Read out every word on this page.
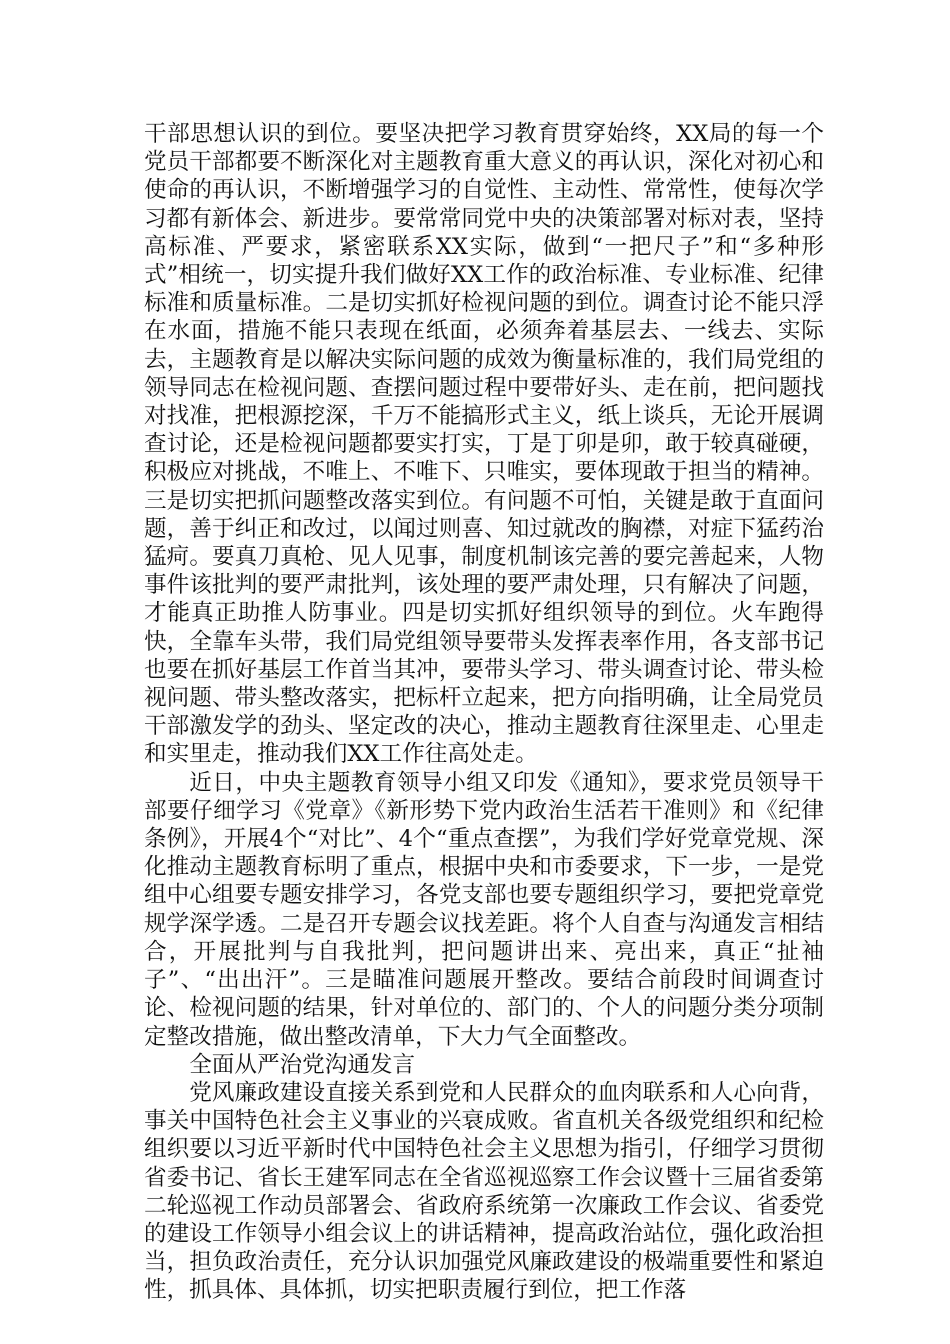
干部思想认识的到位。要坚决把学习教育贯穿始终，XX局的每一个党员干部都要不断深化对主题教育重大意义的再认识，深化对初心和使命的再认识，不断增强学习的自觉性、主动性、常常性，使每次学习都有新体会、新进步。要常常同党中央的决策部署对标对表，坚持高标准、严要求，紧密联系XX实际，做到“一把尺子”和“多种形式”相统一，切实提升我们做好XX工作的政治标准、专业标准、纪律标准和质量标准。二是切实抓好检视问题的到位。调查讨论不能只浮在水面，措施不能只表现在纸面，必须奔着基层去、一线去、实际去，主题教育是以解决实际问题的成效为衡量标准的，我们局党组的领导同志在检视问题、查摆问题过程中要带好头、走在前，把问题找对找准，把根源挖深，千万不能搞形式主义，纸上谈兵，无论开展调查讨论，还是检视问题都要实打实，丁是丁卯是卯，敢于较真碰硬，积极应对挑战，不唯上、不唯下、只唯实，要体现敢于担当的精神。三是切实把抓问题整改落实到位。有问题不可怕，关键是敢于直面问题，善于纠正和改过，以闻过则喜、知过就改的胸襟，对症下猛药治猛疴。要真刀真枪、见人见事，制度机制该完善的要完善起来，人物事件该批判的要严肃批判，该处理的要严肃处理，只有解决了问题，才能真正助推人防事业。四是切实抓好组织领导的到位。火车跑得快，全靠车头带，我们局党组领导要带头发挥表率作用，各支部书记也要在抓好基层工作首当其冲，要带头学习、带头调查讨论、带头检视问题、带头整改落实，把标杆立起来，把方向指明确，让全局党员干部激发学的劲头、坚定改的决心，推动主题教育往深里走、心里走和实里走，推动我们XX工作往高处走。

近日，中央主题教育领导小组又印发《通知》，要求党员领导干部要仔细学习《党章》《新形势下党内政治生活若干准则》和《纪律条例》，开展4个“对比”、4个“重点查摆”，为我们学好党章党规、深化推动主题教育标明了重点，根据中央和市委要求，下一步，一是党组中心组要专题安排学习，各党支部也要专题组织学习，要把党章党规学深学透。二是召开专题会议找差距。将个人自查与沟通发言相结合，开展批判与自我批判，把问题讲出来、亮出来，真正“扯袖子”、“出出汗”。三是瞄准问题展开整改。要结合前段时间调查讨论、检视问题的结果，针对单位的、部门的、个人的问题分类分项制定整改措施，做出整改清单，下大力气全面整改。

全面从严治党沟通发言

党风廉政建设直接关系到党和人民群众的血肉联系和人心向背，事关中国特色社会主义事业的兴衰成败。省直机关各级党组织和纪检组织要以习近平新时代中国特色社会主义思想为指引，仔细学习贯彻省委书记、省长王建军同志在全省巡视巡察工作会议暨十三届省委第二轮巡视工作动员部署会、省政府系统第一次廉政工作会议、省委党的建设工作领导小组会议上的讲话精神，提高政治站位，强化政治担当，担负政治责任，充分认识加强党风廉政建设的极端重要性和紧迫性，抓具体、具体抓，切实把职责履行到位，把工作落
